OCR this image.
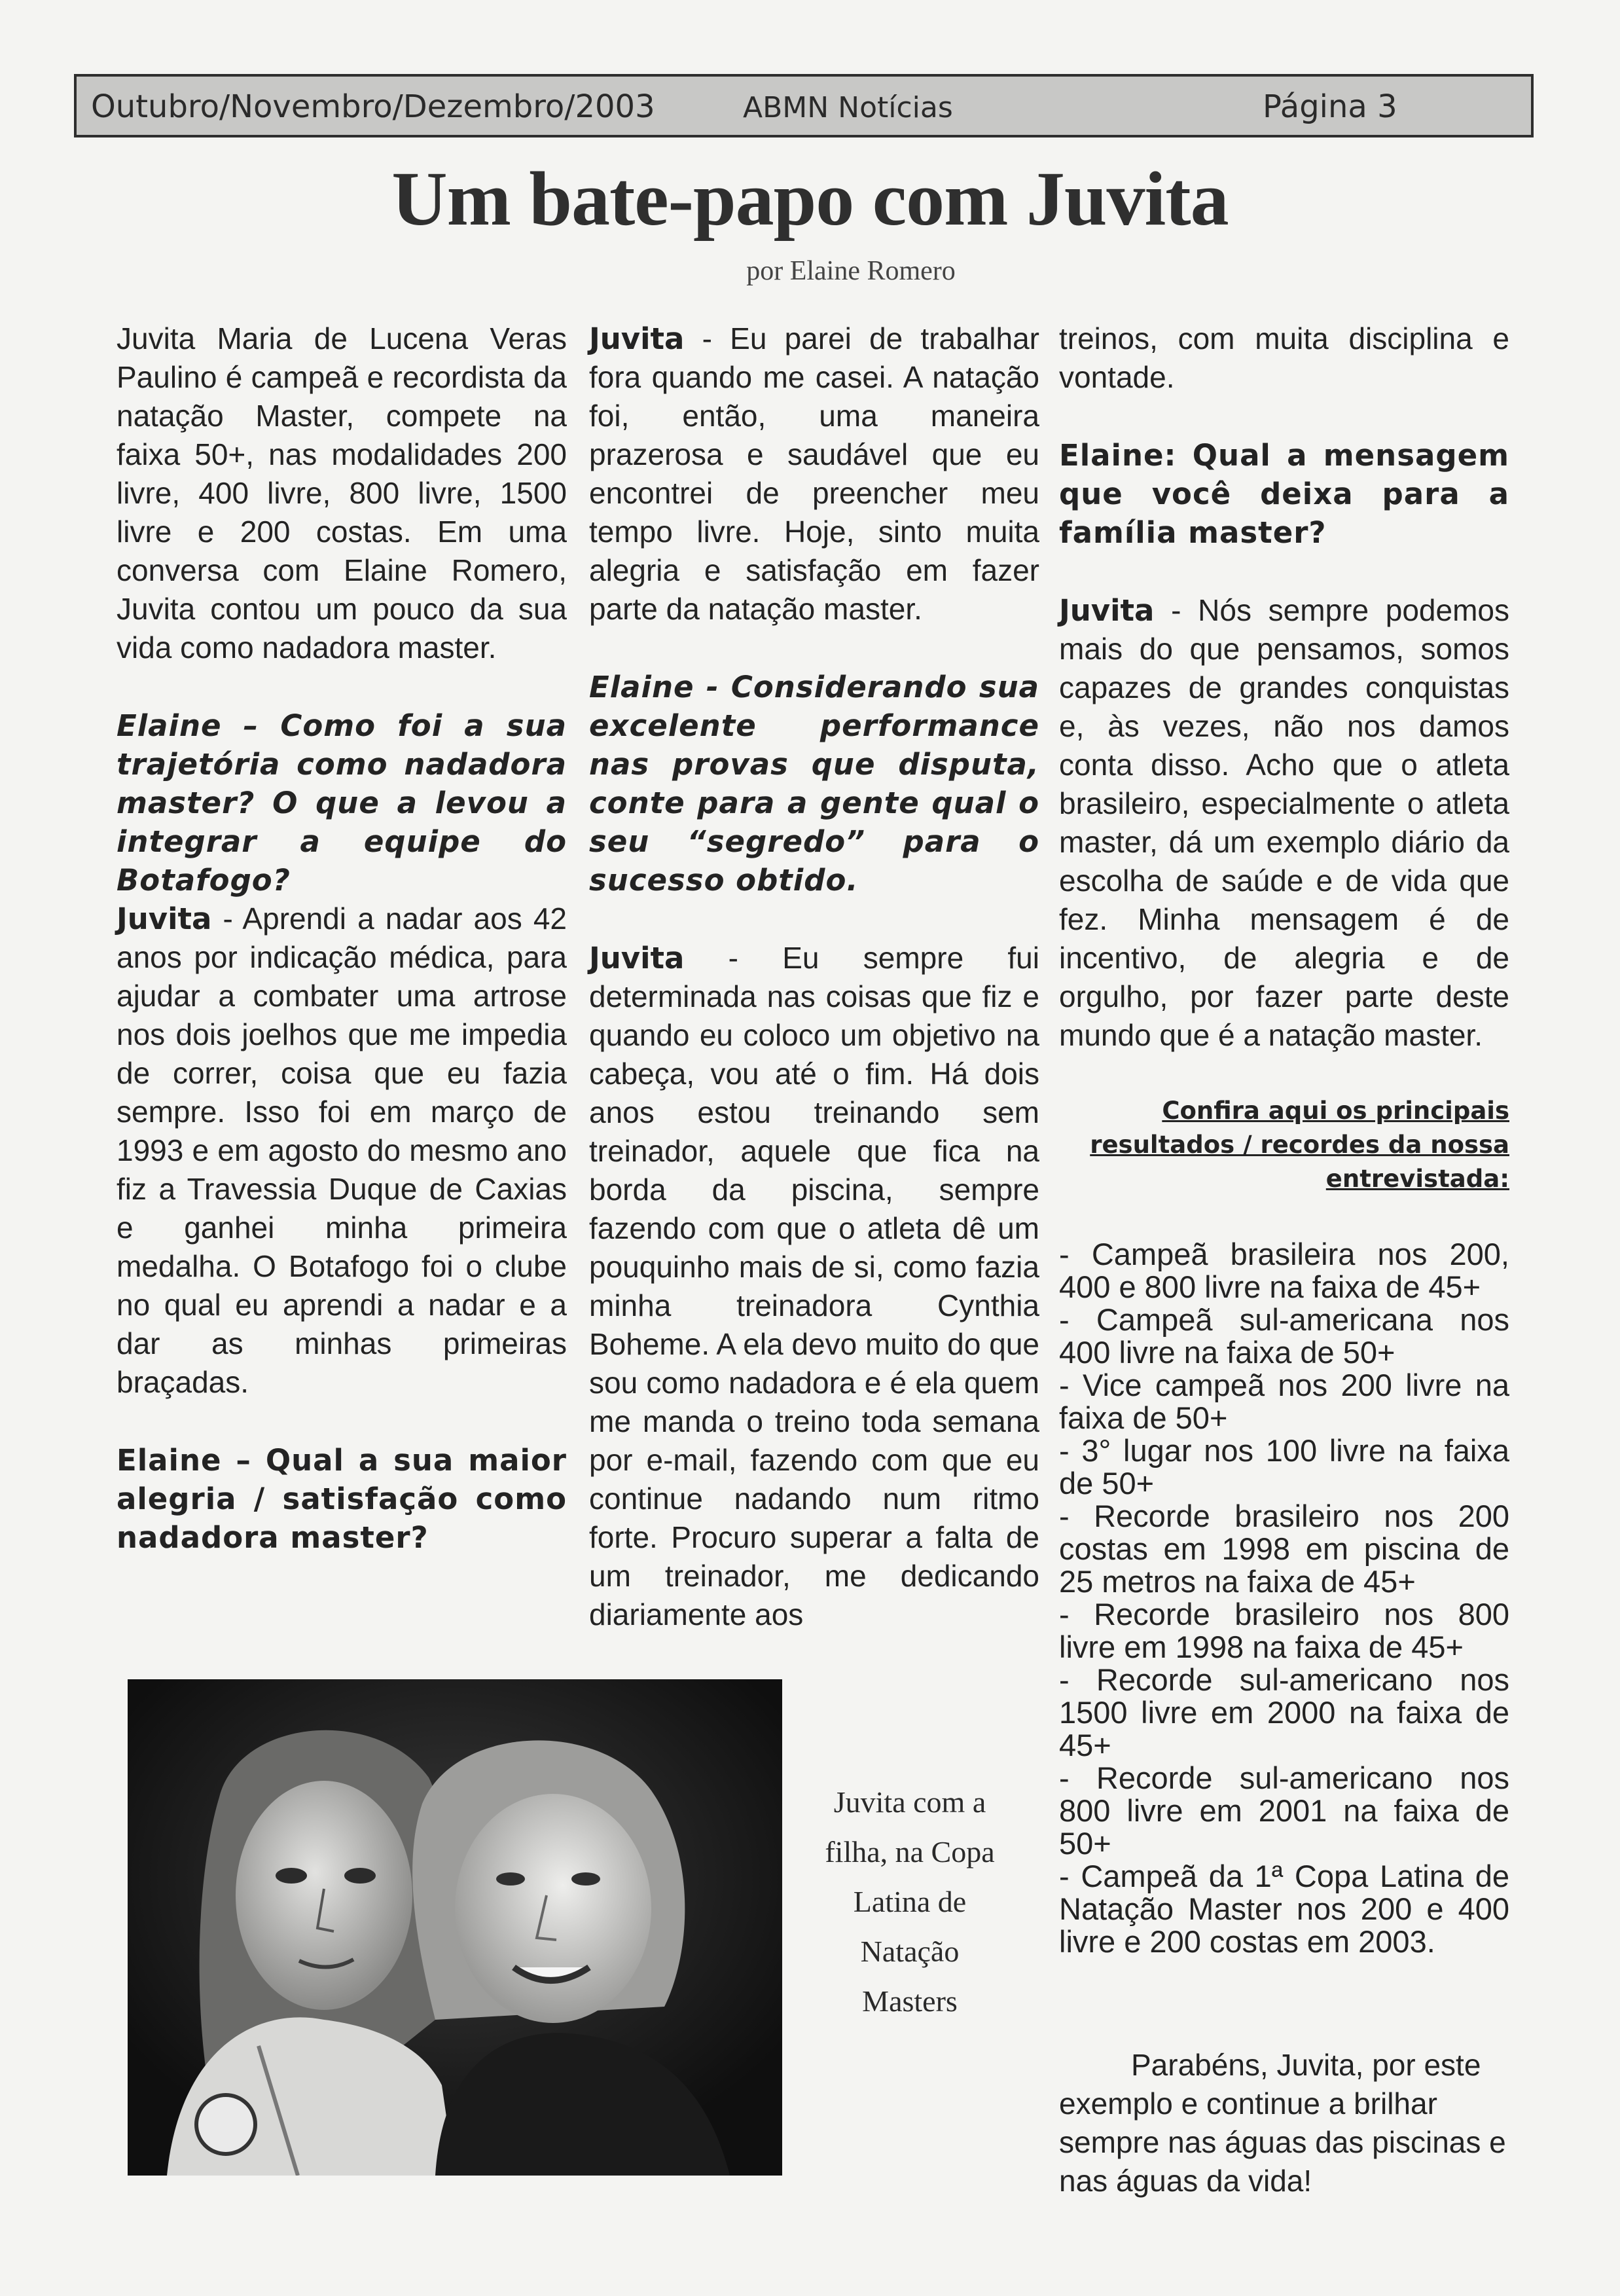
Outubro/Novembro/Dezembro/2003	ABMN Notícias	Página 3
Um bate-papo com Juvita
por Elaine Romero

Juvita Maria de Lucena Veras Paulino é campeã e recordista da natação Master, compete na faixa 50+, nas modalidades 200 livre, 400 livre, 800 livre, 1500 livre e 200 costas. Em uma conversa com Elaine Romero, Juvita contou um pouco da sua vida como nadadora master.

Elaine – Como foi a sua trajetória como nadadora master? O que a levou a integrar a equipe do Botafogo?

Juvita - Aprendi a nadar aos 42 anos por indicação médica, para ajudar a combater uma artrose nos dois joelhos que me impedia de correr, coisa que eu fazia sempre. Isso foi em março de 1993 e em agosto do mesmo ano fiz a Travessia Duque de Caxias e ganhei minha primeira medalha. O Botafogo foi o clube no qual eu aprendi a nadar e a dar as minhas primeiras braçadas.

Elaine – Qual a sua maior alegria / satisfação como nadadora master?

Juvita - Eu parei de trabalhar fora quando me casei. A natação foi, então, uma maneira prazerosa e saudável que eu encontrei de preencher meu tempo livre. Hoje, sinto muita alegria e satisfação em fazer parte da natação master.

Elaine - Considerando sua excelente performance nas provas que disputa, conte para a gente qual o seu “segredo” para o sucesso obtido.

Juvita - Eu sempre fui determinada nas coisas que fiz e quando eu coloco um objetivo na cabeça, vou até o fim. Há dois anos estou treinando sem treinador, aquele que fica na borda da piscina, sempre fazendo com que o atleta dê um pouquinho mais de si, como fazia minha treinadora Cynthia Boheme. A ela devo muito do que sou como nadadora e é ela quem me manda o treino toda semana por e-mail, fazendo com que eu continue nadando num ritmo forte. Procuro superar a falta de um treinador, me dedicando diariamente aos

treinos, com muita disciplina e vontade.

Elaine: Qual a mensagem que você deixa para a família master?

Juvita - Nós sempre podemos mais do que pensamos, somos capazes de grandes conquistas e, às vezes, não nos damos conta disso. Acho que o atleta brasileiro, especialmente o atleta master, dá um exemplo diário da escolha de saúde e de vida que fez. Minha mensagem é de incentivo, de alegria e de orgulho, por fazer parte deste mundo que é a natação master.

Confira aqui os principais resultados / recordes da nossa entrevistada:
- Campeã brasileira nos 200, 400 e 800 livre na faixa de 45+
- Campeã sul-americana nos 400 livre na faixa de 50+
- Vice campeã nos 200 livre na faixa de 50+
- 3° lugar nos 100 livre na faixa de 50+
- Recorde brasileiro nos 200 costas em 1998 em piscina de 25 metros na faixa de 45+
- Recorde brasileiro nos 800 livre em 1998 na faixa de 45+
- Recorde sul-americano nos 1500 livre em 2000 na faixa de 45+
- Recorde sul-americano nos 800 livre em 2001 na faixa de 50+
- Campeã da 1ª Copa Latina de Natação Master nos 200 e 400 livre e 200 costas em 2003.

Parabéns, Juvita, por este exemplo e continue a brilhar sempre nas águas das piscinas e nas águas da vida!

Juvita com a filha, na Copa Latina de Natação Masters
